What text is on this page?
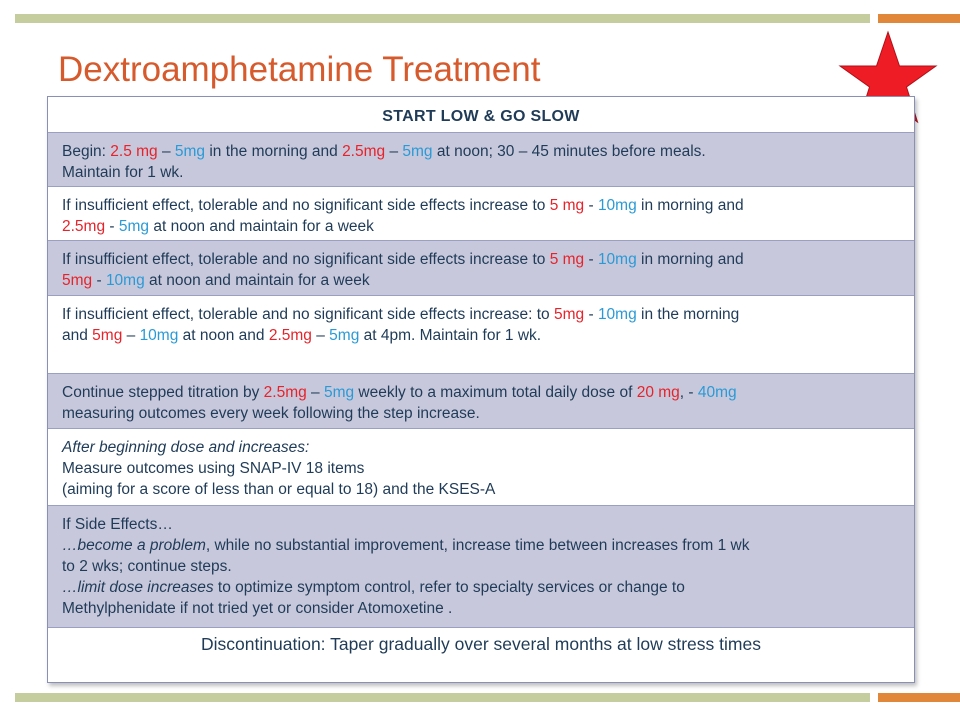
Dextroamphetamine Treatment
START LOW & GO SLOW
Begin: 2.5 mg – 5mg in the morning and 2.5mg – 5mg at noon; 30 – 45 minutes before meals.
Maintain for 1 wk.
If insufficient effect, tolerable and no significant side effects increase to 5 mg - 10mg in morning and
2.5mg - 5mg at noon and maintain for a week
If insufficient effect, tolerable and no significant side effects increase to 5 mg - 10mg in morning and
5mg - 10mg at noon and maintain for a week
If insufficient effect, tolerable and no significant side effects increase: to 5mg - 10mg in the morning
and 5mg – 10mg at noon and 2.5mg – 5mg at 4pm. Maintain for 1 wk.
Continue stepped titration by 2.5mg – 5mg weekly to a maximum total daily dose of 20 mg, - 40mg
measuring outcomes every week following the step increase.
After beginning dose and increases:
Measure outcomes using SNAP-IV 18 items
(aiming for a score of less than or equal to 18) and the KSES-A
If Side Effects…
…become a problem, while no substantial improvement, increase time between increases from 1 wk
to 2 wks; continue steps.
…limit dose increases to optimize symptom control, refer to specialty services or change to
Methylphenidate if not tried yet or consider Atomoxetine .
Discontinuation: Taper gradually over several months at low stress times
